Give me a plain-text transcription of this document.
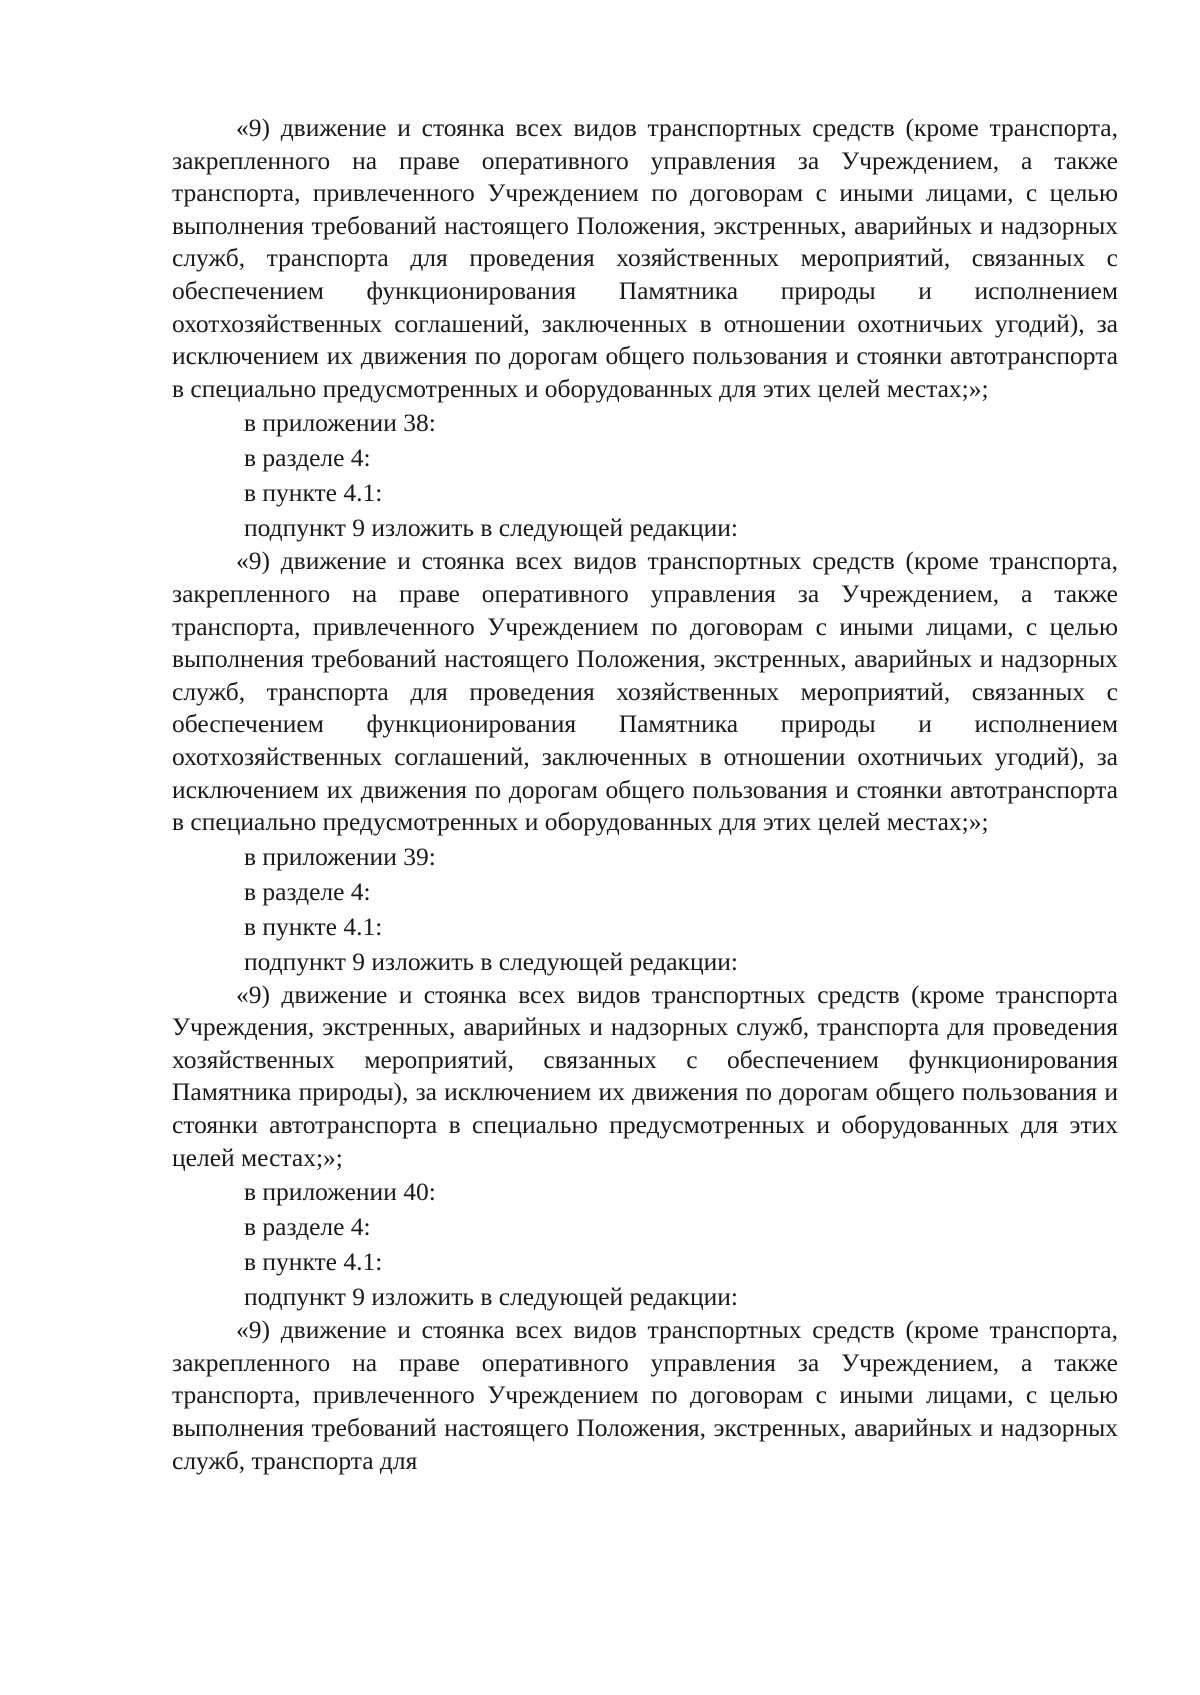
«9) движение и стоянка всех видов транспортных средств (кроме транспорта, закрепленного на праве оперативного управления за Учреждением, а также транспорта, привлеченного Учреждением по договорам с иными лицами, с целью выполнения требований настоящего Положения, экстренных, аварийных и надзорных служб, транспорта для проведения хозяйственных мероприятий, связанных с обеспечением функционирования Памятника природы и исполнением охотхозяйственных соглашений, заключенных в отношении охотничьих угодий), за исключением их движения по дорогам общего пользования и стоянки автотранспорта в специально предусмотренных и оборудованных для этих целей местах;»;

в приложении 38:

в разделе 4:

в пункте 4.1:

подпункт 9 изложить в следующей редакции:

«9) движение и стоянка всех видов транспортных средств (кроме транспорта, закрепленного на праве оперативного управления за Учреждением, а также транспорта, привлеченного Учреждением по договорам с иными лицами, с целью выполнения требований настоящего Положения, экстренных, аварийных и надзорных служб, транспорта для проведения хозяйственных мероприятий, связанных с обеспечением функционирования Памятника природы и исполнением охотхозяйственных соглашений, заключенных в отношении охотничьих угодий), за исключением их движения по дорогам общего пользования и стоянки автотранспорта в специально предусмотренных и оборудованных для этих целей местах;»;

в приложении 39:

в разделе 4:

в пункте 4.1:

подпункт 9 изложить в следующей редакции:

«9) движение и стоянка всех видов транспортных средств (кроме транспорта Учреждения, экстренных, аварийных и надзорных служб, транспорта для проведения хозяйственных мероприятий, связанных с обеспечением функционирования Памятника природы), за исключением их движения по дорогам общего пользования и стоянки автотранспорта в специально предусмотренных и оборудованных для этих целей местах;»;

в приложении 40:

в разделе 4:

в пункте 4.1:

подпункт 9 изложить в следующей редакции:

«9) движение и стоянка всех видов транспортных средств (кроме транспорта, закрепленного на праве оперативного управления за Учреждением, а также транспорта, привлеченного Учреждением по договорам с иными лицами, с целью выполнения требований настоящего Положения, экстренных, аварийных и надзорных служб, транспорта для
